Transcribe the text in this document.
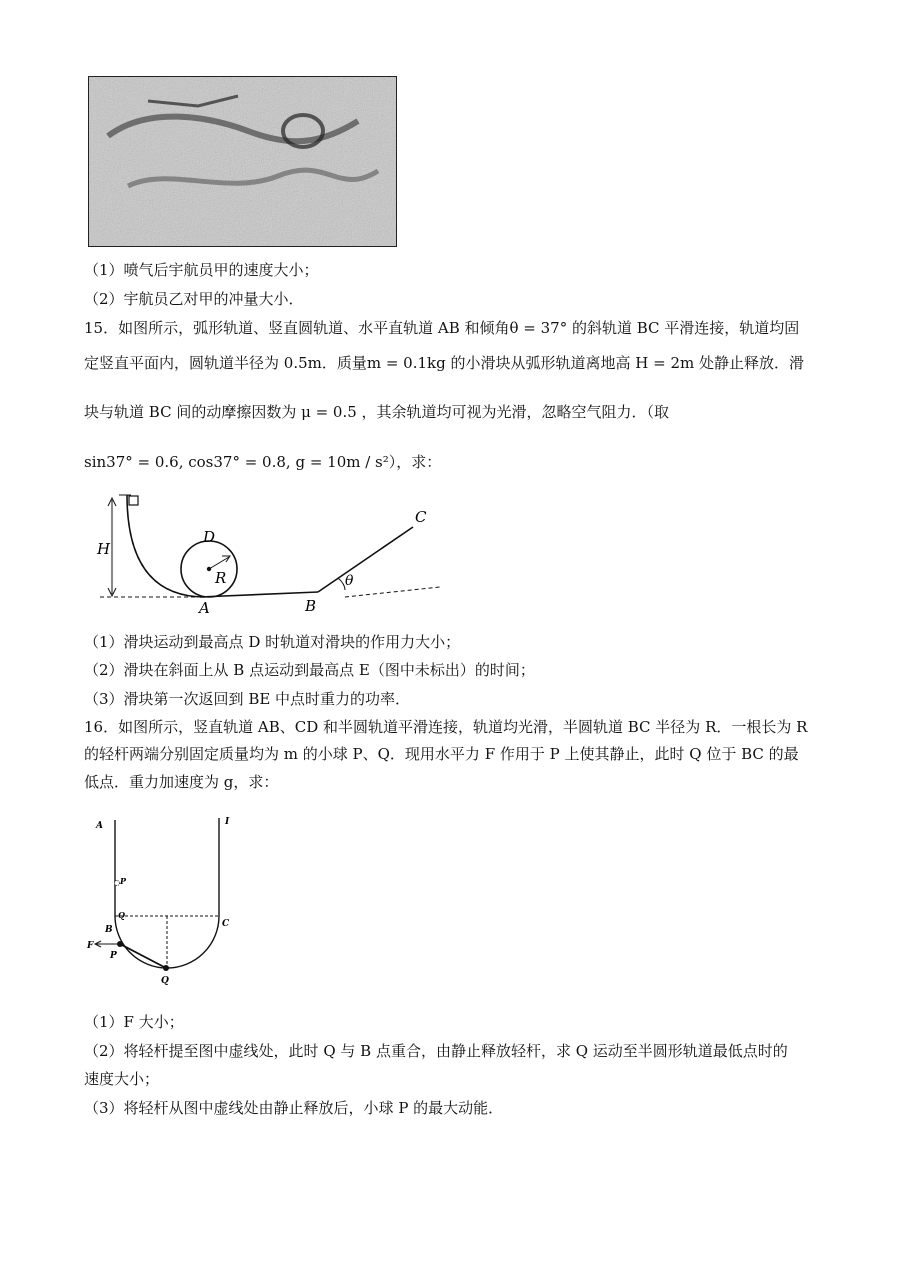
（1）喷气后宇航员甲的速度大小；
（2）宇航员乙对甲的冲量大小．
15．如图所示，弧形轨道、竖直圆轨道、水平直轨道 AB 和倾角θ = 37° 的斜轨道 BC 平滑连接，轨道均固
定竖直平面内，圆轨道半径为 0.5m．质量m = 0.1kg 的小滑块从弧形轨道离地高 H = 2m 处静止释放．滑
块与轨道 BC 间的动摩擦因数为 μ = 0.5 ，其余轨道均可视为光滑，忽略空气阻力．（取
sin37° = 0.6, cos37° = 0.8, g = 10m / s²），求：
H
D
R
A	B
C
θ
（1）滑块运动到最高点 D 时轨道对滑块的作用力大小；
（2）滑块在斜面上从 B 点运动到最高点 E（图中未标出）的时间；
（3）滑块第一次返回到 BE 中点时重力的功率．
16．如图所示，竖直轨道 AB、CD 和半圆轨道平滑连接，轨道均光滑，半圆轨道 BC 半径为 R．一根长为 R
的轻杆两端分别固定质量均为 m 的小球 P、Q．现用水平力 F 作用于 P 上使其静止，此时 Q 位于 BC 的最
低点．重力加速度为 g，求：
A	I
P
Q
B
C
F
P
Q
（1）F 大小；
（2）将轻杆提至图中虚线处，此时 Q 与 B 点重合，由静止释放轻杆，求 Q 运动至半圆形轨道最低点时的
速度大小；
（3）将轻杆从图中虚线处由静止释放后，小球 P 的最大动能．
